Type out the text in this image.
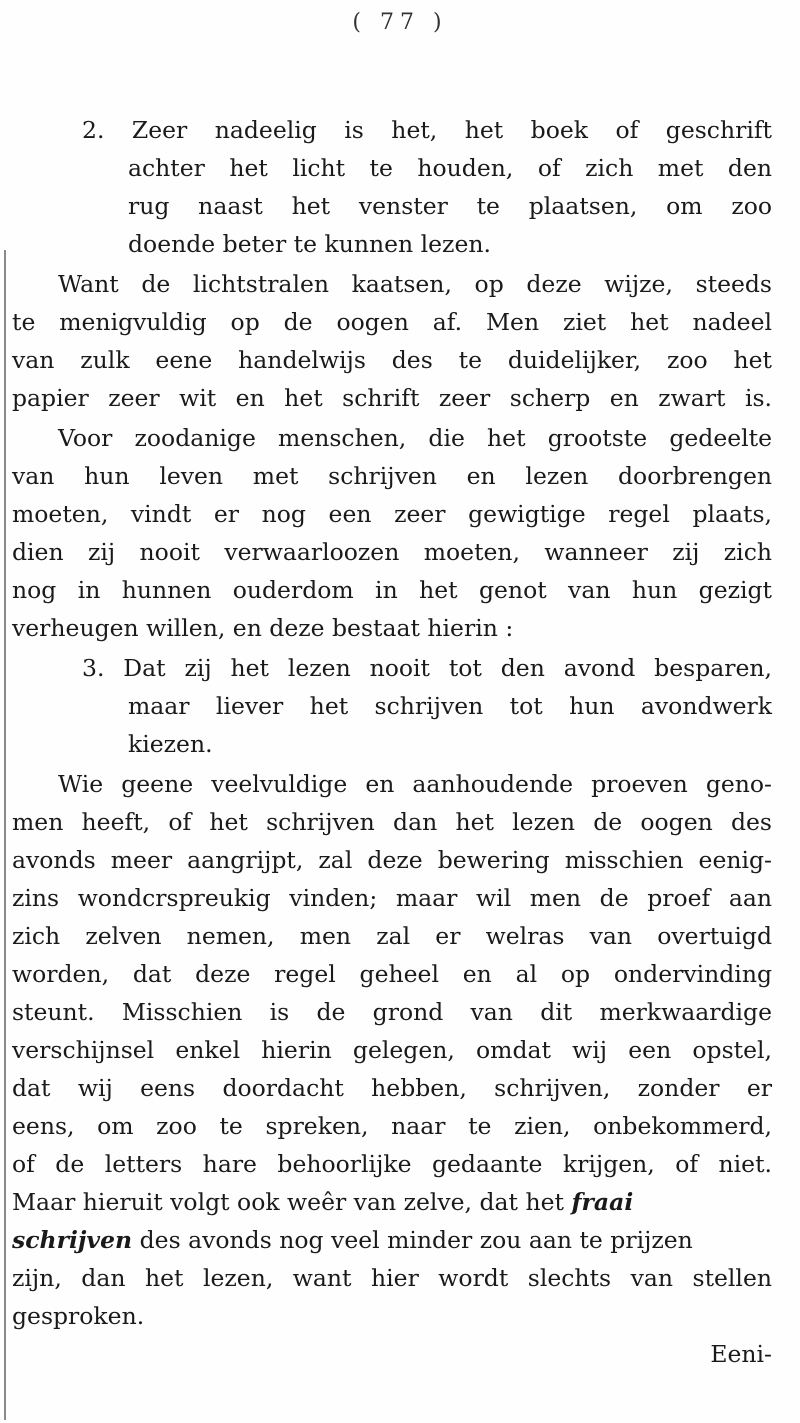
( 77 )
2. Zeer nadeelig is het, het boek of geschrift
achter het licht te houden, of zich met den
rug naast het venster te plaatsen, om zoo
doende beter te kunnen lezen.
Want de lichtstralen kaatsen, op deze wijze, steeds
te menigvuldig op de oogen af. Men ziet het nadeel
van zulk eene handelwijs des te duidelijker, zoo het
papier zeer wit en het schrift zeer scherp en zwart is.
Voor zoodanige menschen, die het grootste gedeelte
van hun leven met schrijven en lezen doorbrengen
moeten, vindt er nog een zeer gewigtige regel plaats,
dien zij nooit verwaarloozen moeten, wanneer zij zich
nog in hunnen ouderdom in het genot van hun gezigt
verheugen willen, en deze bestaat hierin :
3. Dat zij het lezen nooit tot den avond besparen,
maar liever het schrijven tot hun avondwerk
kiezen.
Wie geene veelvuldige en aanhoudende proeven geno-
men heeft, of het schrijven dan het lezen de oogen des
avonds meer aangrijpt, zal deze bewering misschien eenig-
zins wondcrspreukig vinden; maar wil men de proef aan
zich zelven nemen, men zal er welras van overtuigd
worden, dat deze regel geheel en al op ondervinding
steunt. Misschien is de grond van dit merkwaardige
verschijnsel enkel hierin gelegen, omdat wij een opstel,
dat wij eens doordacht hebben, schrijven, zonder er
eens, om zoo te spreken, naar te zien, onbekommerd,
of de letters hare behoorlijke gedaante krijgen, of niet.
Maar hieruit volgt ook weêr van zelve, dat het fraai
schrijven des avonds nog veel minder zou aan te prijzen
zijn, dan het lezen, want hier wordt slechts van stellen
gesproken.
Eeni-
